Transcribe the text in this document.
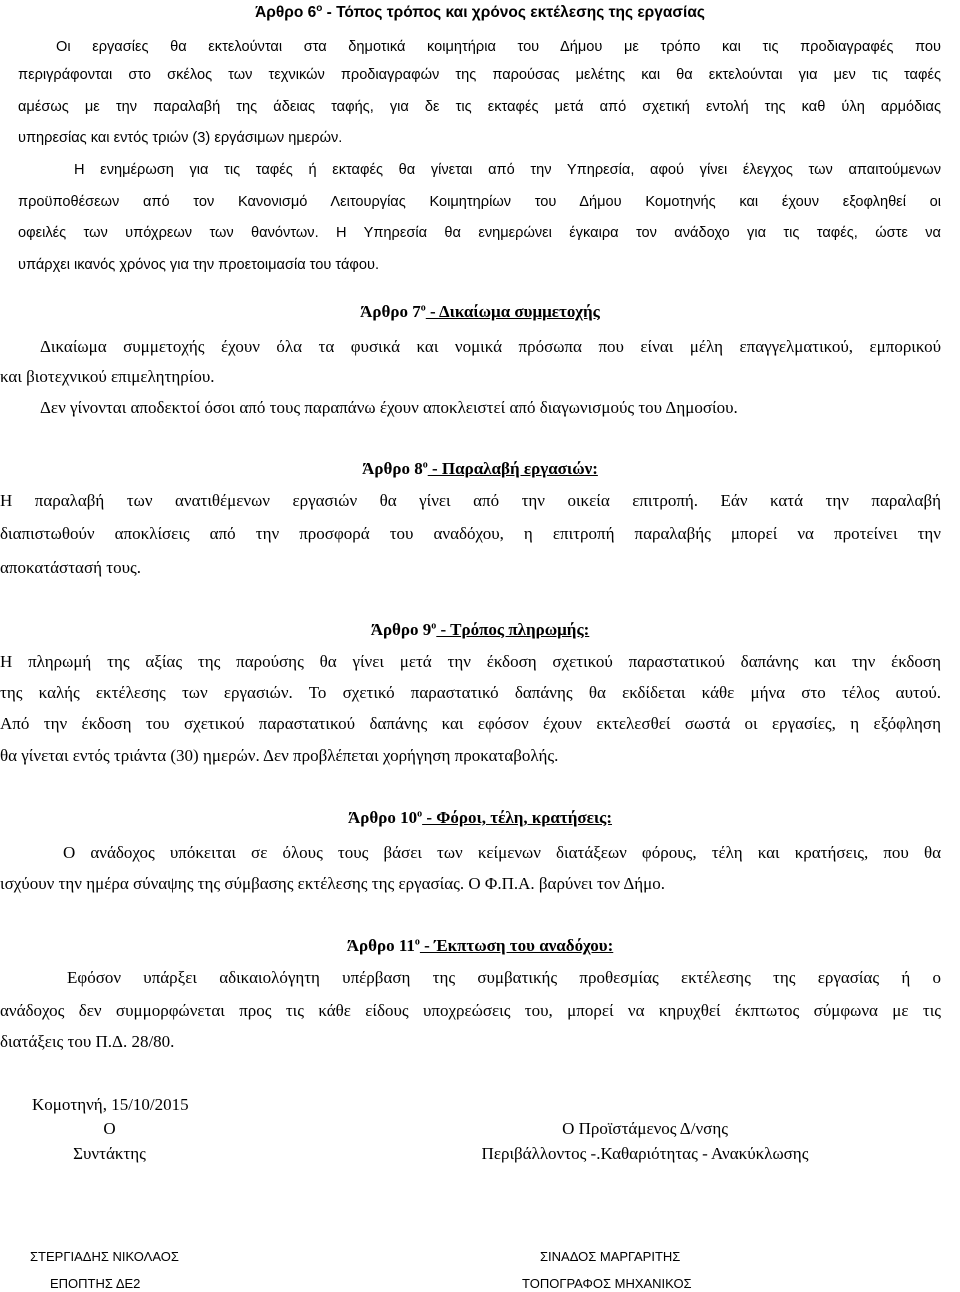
Άρθρο $6^o$ - Τόπος τρόπος και χρόνος εκτέλεσης της εργασίας
Οι εργασίες θα εκτελούνται στα δημοτικά κοιμητήρια του Δήμου με τρόπο και τις προδιαγραφές που
περιγράφονται στο σκέλος των τεχνικών προδιαγραφών της παρούσας μελέτης και θα εκτελούνται για μεν τις ταφές
αμέσως με την παραλαβή της άδειας ταφής, για δε τις εκταφές μετά από σχετική εντολή της καθ ύλη αρμόδιας
υπηρεσίας και εντός τριών (3) εργάσιμων ημερών.
Η ενημέρωση για τις ταφές ή εκταφές θα γίνεται από την Υπηρεσία, αφού γίνει έλεγχος των απαιτούμενων
προϋποθέσεων από τον Κανονισμό Λειτουργίας Κοιμητηρίων του Δήμου Κομοτηνής και έχουν εξοφληθεί οι
οφειλές των υπόχρεων των θανόντων. Η Υπηρεσία θα ενημερώνει έγκαιρα τον ανάδοχο για τις ταφές, ώστε να
υπάρχει ικανός χρόνος για την προετοιμασία του τάφου.
Άρθρο $7^o$ - Δικαίωμα συμμετοχής
Δικαίωμα συμμετοχής έχουν όλα τα φυσικά και νομικά πρόσωπα που είναι μέλη επαγγελματικού, εμπορικού
και βιοτεχνικού επιμελητηρίου.
Δεν γίνονται αποδεκτοί όσοι από τους παραπάνω έχουν αποκλειστεί από διαγωνισμούς του Δημοσίου.
Άρθρο $8^o$ - Παραλαβή εργασιών:
Η παραλαβή των ανατιθέμενων εργασιών θα γίνει από την οικεία επιτροπή. Εάν κατά την παραλαβή
διαπιστωθούν αποκλίσεις από την προσφορά του αναδόχου, η επιτροπή παραλαβής μπορεί να προτείνει την
αποκατάστασή τους.
Άρθρο $9^o$ - Τρόπος πληρωμής:
Η πληρωμή της αξίας της παρούσης θα γίνει μετά την έκδοση σχετικού παραστατικού δαπάνης και την έκδοση
της καλής εκτέλεσης των εργασιών. Το σχετικό παραστατικό δαπάνης θα εκδίδεται κάθε μήνα στο τέλος αυτού.
Από την έκδοση του σχετικού παραστατικού δαπάνης και εφόσον έχουν εκτελεσθεί σωστά οι εργασίες, η εξόφληση
θα γίνεται εντός τριάντα (30) ημερών. Δεν προβλέπεται χορήγηση προκαταβολής.
Άρθρο $10^o$ - Φόροι, τέλη, κρατήσεις:
Ο ανάδοχος υπόκειται σε όλους τους βάσει των κείμενων διατάξεων φόρους, τέλη και κρατήσεις, που θα
ισχύουν την ημέρα σύναψης της σύμβασης εκτέλεσης της εργασίας. Ο Φ.Π.Α. βαρύνει τον Δήμο.
Άρθρο $11^o$ - Έκπτωση του αναδόχου:
Εφόσον υπάρξει αδικαιολόγητη υπέρβαση της συμβατικής προθεσμίας εκτέλεσης της εργασίας ή ο
ανάδοχος δεν συμμορφώνεται προς τις κάθε είδους υποχρεώσεις του, μπορεί να κηρυχθεί έκπτωτος σύμφωνα με τις
διατάξεις του Π.Δ. 28/80.
Κομοτηνή, 15/10/2015
Ο
Συντάκτης
Ο Προϊστάμενος Δ/νσης
Περιβάλλοντος -.Καθαριότητας - Ανακύκλωσης
ΣΤΕΡΓΙΑΔΗΣ ΝΙΚΟΛΑΟΣ
ΕΠΟΠΤΗΣ ΔΕ2
ΣΙΝΑΔΟΣ ΜΑΡΓΑΡΙΤΗΣ
ΤΟΠΟΓΡΑΦΟΣ ΜΗΧΑΝΙΚΟΣ
